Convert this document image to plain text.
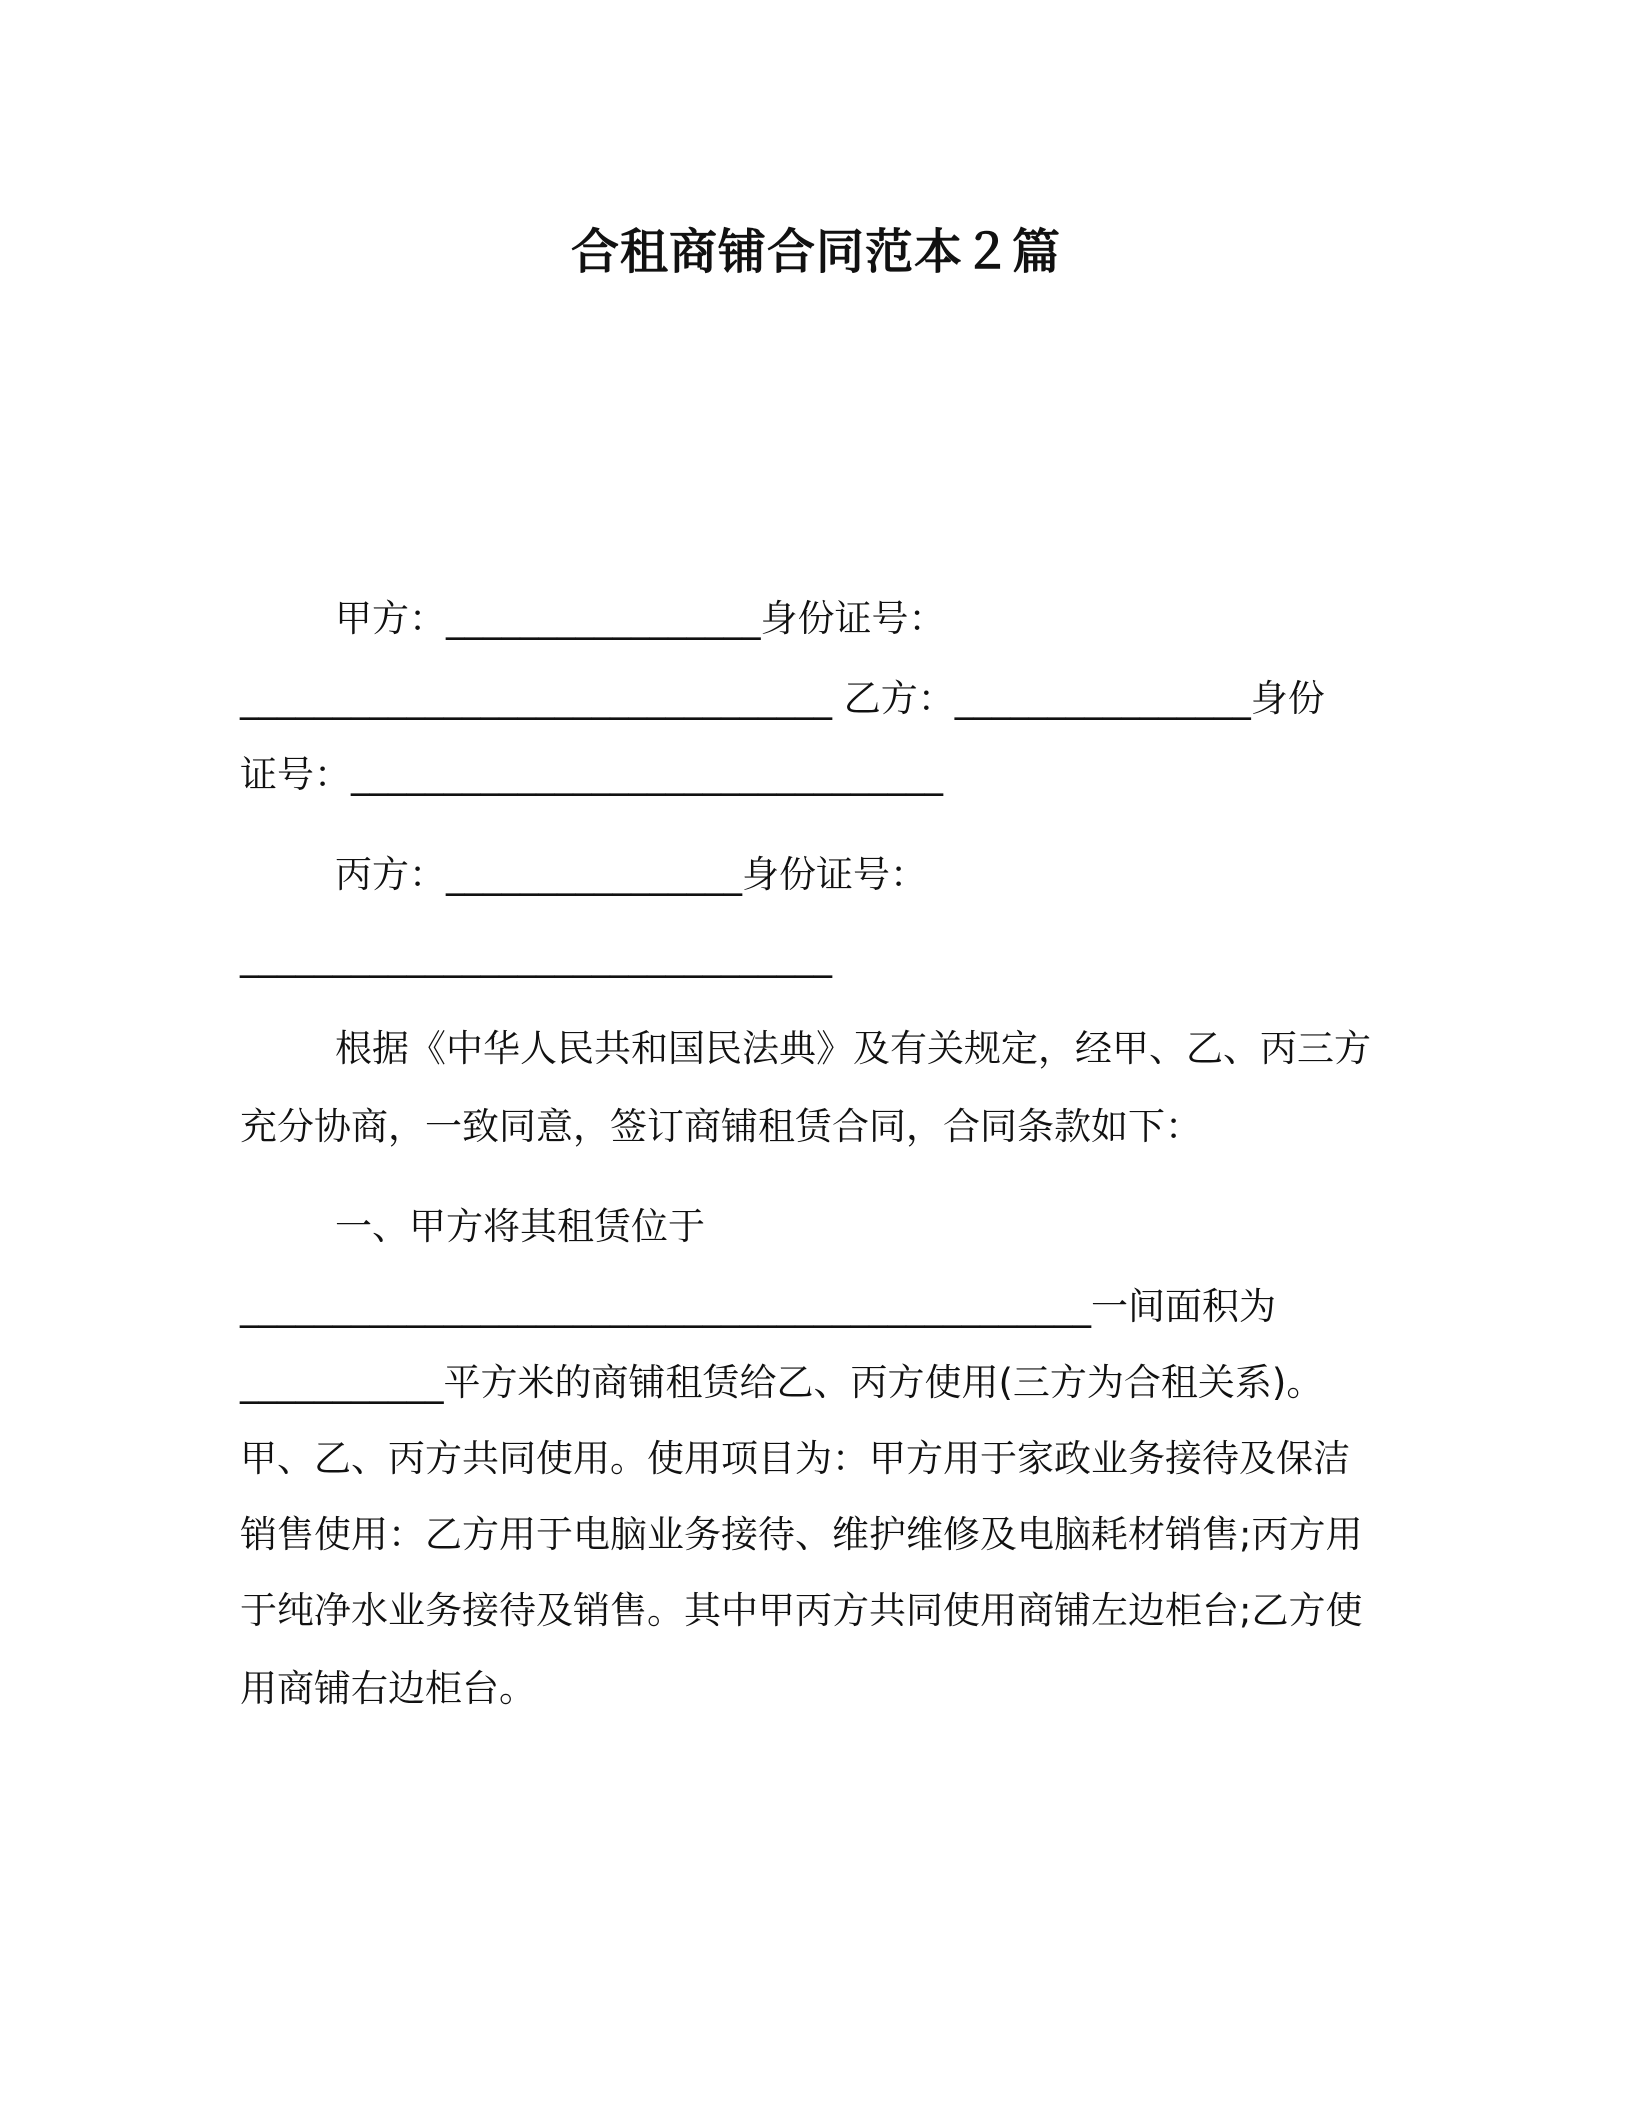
合租商铺合同范本２篇
甲方：_________________身份证号：
________________________________ 乙方：________________身份
证号：________________________________
丙方：________________身份证号：
________________________________
根据《中华人民共和国民法典》及有关规定，经甲、乙、丙三方
充分协商，一致同意，签订商铺租赁合同，合同条款如下：
一、甲方将其租赁位于
______________________________________________一间面积为
___________平方米的商铺租赁给乙、丙方使用(三方为合租关系)。
甲、乙、丙方共同使用。使用项目为：甲方用于家政业务接待及保洁
销售使用：乙方用于电脑业务接待、维护维修及电脑耗材销售;丙方用
于纯净水业务接待及销售。其中甲丙方共同使用商铺左边柜台;乙方使
用商铺右边柜台。
